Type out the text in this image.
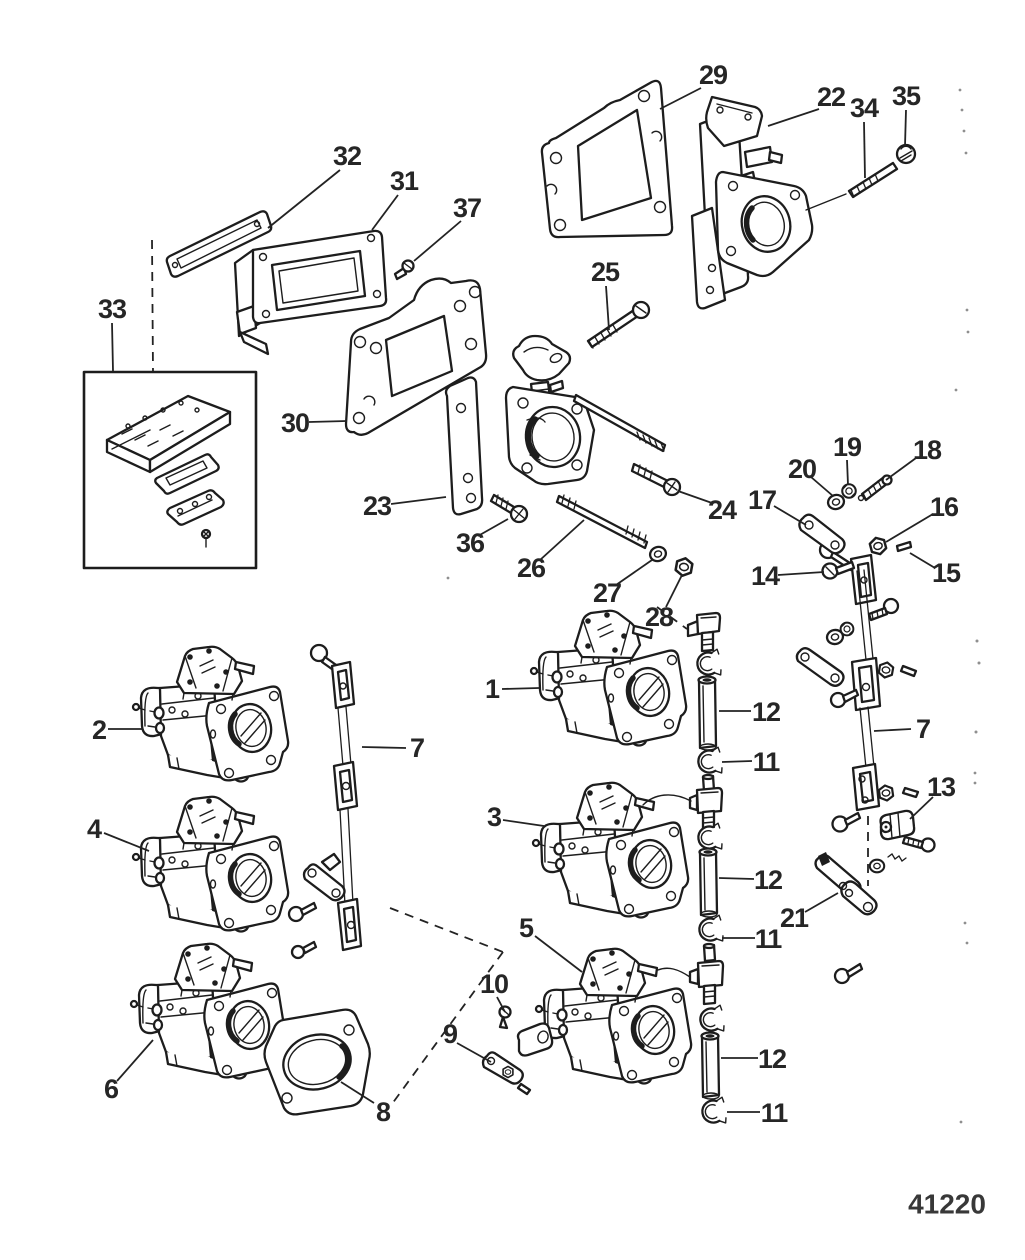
32
31
37
33
29
22 34 35
25
30
23
36
26
27
28
24 17
20
19 18
16
15
14
1
2
7
7
12
11
3
4
12
11
13
21
5
10
9
6
8
12
11
41220
